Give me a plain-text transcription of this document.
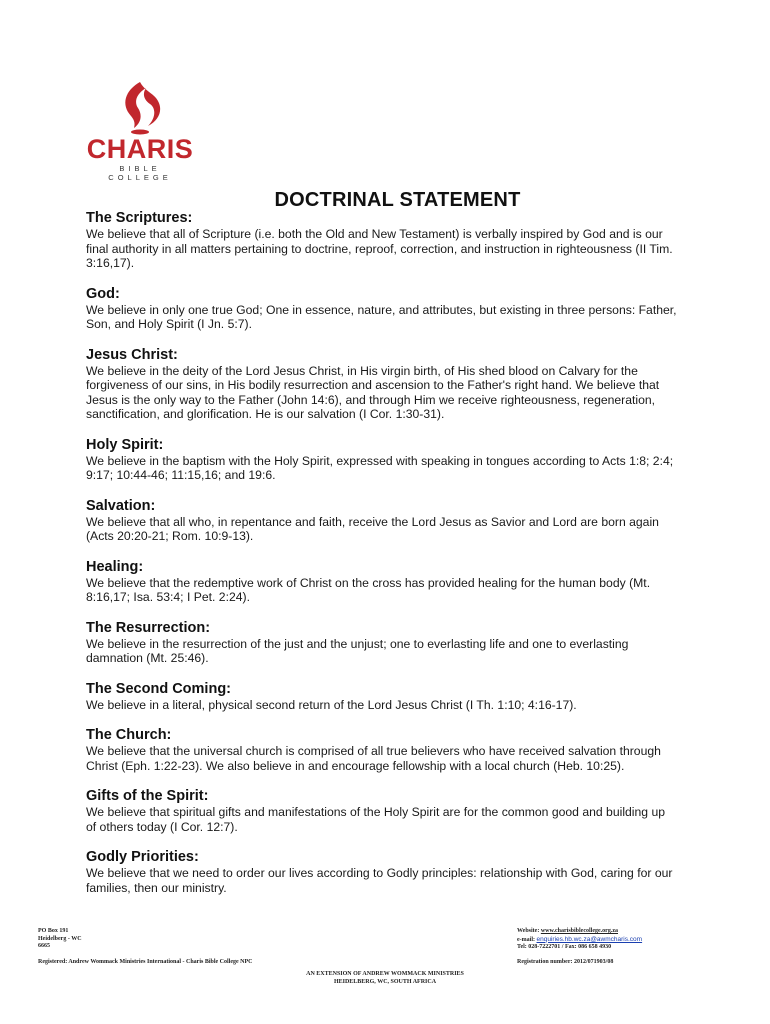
CHARIS
BIBLE COLLEGE
DOCTRINAL STATEMENT
The Scriptures:

We believe that all of Scripture (i.e. both the Old and New Testament) is verbally inspired by God and is our
final authority in all matters pertaining to doctrine, reproof, correction, and instruction in righteousness (II Tim.
3:16,17).

God:

We believe in only one true God; One in essence, nature, and attributes, but existing in three persons: Father,
Son, and Holy Spirit (I Jn. 5:7).

Jesus Christ:

We believe in the deity of the Lord Jesus Christ, in His virgin birth, of His shed blood on Calvary for the
forgiveness of our sins, in His bodily resurrection and ascension to the Father's right hand. We believe that
Jesus is the only way to the Father (John 14:6), and through Him we receive righteousness, regeneration,
sanctification, and glorification. He is our salvation (I Cor. 1:30-31).

Holy Spirit:

We believe in the baptism with the Holy Spirit, expressed with speaking in tongues according to Acts 1:8; 2:4;
9:17; 10:44-46; 11:15,16; and 19:6.

Salvation:

We believe that all who, in repentance and faith, receive the Lord Jesus as Savior and Lord are born again
(Acts 20:20-21; Rom. 10:9-13).

Healing:

We believe that the redemptive work of Christ on the cross has provided healing for the human body (Mt.
8:16,17; Isa. 53:4; I Pet. 2:24).

The Resurrection:

We believe in the resurrection of the just and the unjust; one to everlasting life and one to everlasting
damnation (Mt. 25:46).

The Second Coming:

We believe in a literal, physical second return of the Lord Jesus Christ (I Th. 1:10; 4:16-17).

The Church:

We believe that the universal church is comprised of all true believers who have received salvation through
Christ (Eph. 1:22-23). We also believe in and encourage fellowship with a local church (Heb. 10:25).

Gifts of the Spirit:

We believe that spiritual gifts and manifestations of the Holy Spirit are for the common good and building up
of others today (I Cor. 12:7).

Godly Priorities:

We believe that we need to order our lives according to Godly principles: relationship with God, caring for our
families, then our ministry.

PO Box 191
Heidelberg - WC
6665
Website: www.charisbiblecollege.org.za
e-mail: enquiries.hb.wc.za@awmcharis.com
Tel: 028-7222701 / Fax: 086 658 4930
Registered: Andrew Wommack Ministries International - Charis Bible College NPC	Registration number: 2012/071903/08
AN EXTENSION OF ANDREW WOMMACK MINISTRIES
HEIDELBERG, WC, SOUTH AFRICA
